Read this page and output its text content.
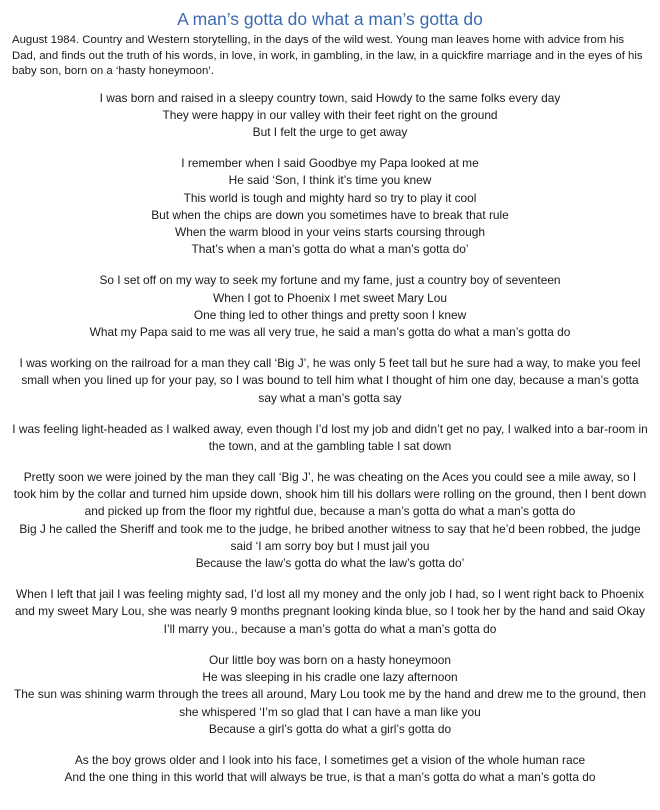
A man’s gotta do what a man’s gotta do

August 1984. Country and Western storytelling, in the days of the wild west. Young man leaves home with advice from his Dad, and finds out the truth of his words, in love, in work, in gambling, in the law, in a quickfire marriage and in the eyes of his baby son, born on a ‘hasty honeymoon’.

I was born and raised in a sleepy country town, said Howdy to the same folks every day
They were happy in our valley with their feet right on the ground
But I felt the urge to get away

I remember when I said Goodbye my Papa looked at me
He said ‘Son, I think it’s time you knew
This world is tough and mighty hard so try to play it cool
But when the chips are down you sometimes have to break that rule
When the warm blood in your veins starts coursing through
That’s when a man’s gotta do what a man’s gotta do’

So I set off on my way to seek my fortune and my fame, just a country boy of seventeen
When I got to Phoenix I met sweet Mary Lou
One thing led to other things and pretty soon I knew
What my Papa said to me was all very true, he said a man’s gotta do what a man’s gotta do

I was working on the railroad for a man they call ‘Big J’, he was only 5 feet tall but he sure had a way, to make you feel small when you lined up for your pay, so I was bound to tell him what I thought of him one day, because a man’s gotta say what a man’s gotta say

I was feeling light-headed as I walked away, even though I’d lost my job and didn’t get no pay, I walked into a bar-room in the town, and at the gambling table I sat down

Pretty soon we were joined by the man they call ‘Big J’, he was cheating on the Aces you could see a mile away, so I took him by the collar and turned him upside down, shook him till his dollars were rolling on the ground, then I bent down and picked up from the floor my rightful due, because a man’s gotta do what a man’s gotta do
Big J he called the Sheriff and took me to the judge, he bribed another witness to say that he’d been robbed, the judge said ‘I am sorry boy but I must jail you
Because the law’s gotta do what the law’s gotta do’

When I left that jail I was feeling mighty sad, I’d lost all my money and the only job I had, so I went right back to Phoenix and my sweet Mary Lou, she was nearly 9 months pregnant looking kinda blue, so I took her by the hand and said Okay I’ll marry you., because a man’s gotta do what a man’s gotta do

Our little boy was born on a hasty honeymoon
He was sleeping in his cradle one lazy afternoon
The sun was shining warm through the trees all around, Mary Lou took me by the hand and drew me to the ground, then she whispered ‘I’m so glad that I can have a man like you
Because a girl’s gotta do what a girl’s gotta do

As the boy grows older and I look into his face, I sometimes get a vision of the whole human race
And the one thing in this world that will always be true, is that a man’s gotta do what a man’s gotta do
